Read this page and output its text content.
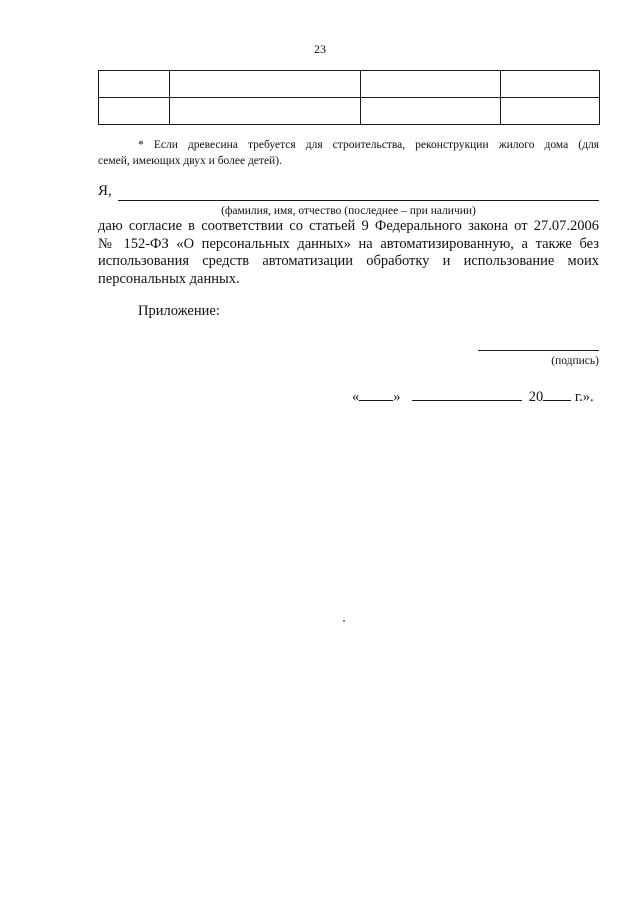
23

* Если древесина требуется для строительства, реконструкции жилого дома (для
семей, имеющих двух и более детей).
Я,
(фамилия, имя, отчество (последнее – при наличии)
даю согласие в соответствии со статьей 9 Федерального закона от 27.07.2006
№ 152-ФЗ «О персональных данных» на автоматизированную, а также без
использования средств автоматизации обработку и использование моих
персональных данных.
Приложение:
(подпись)
« »	20 г.».
